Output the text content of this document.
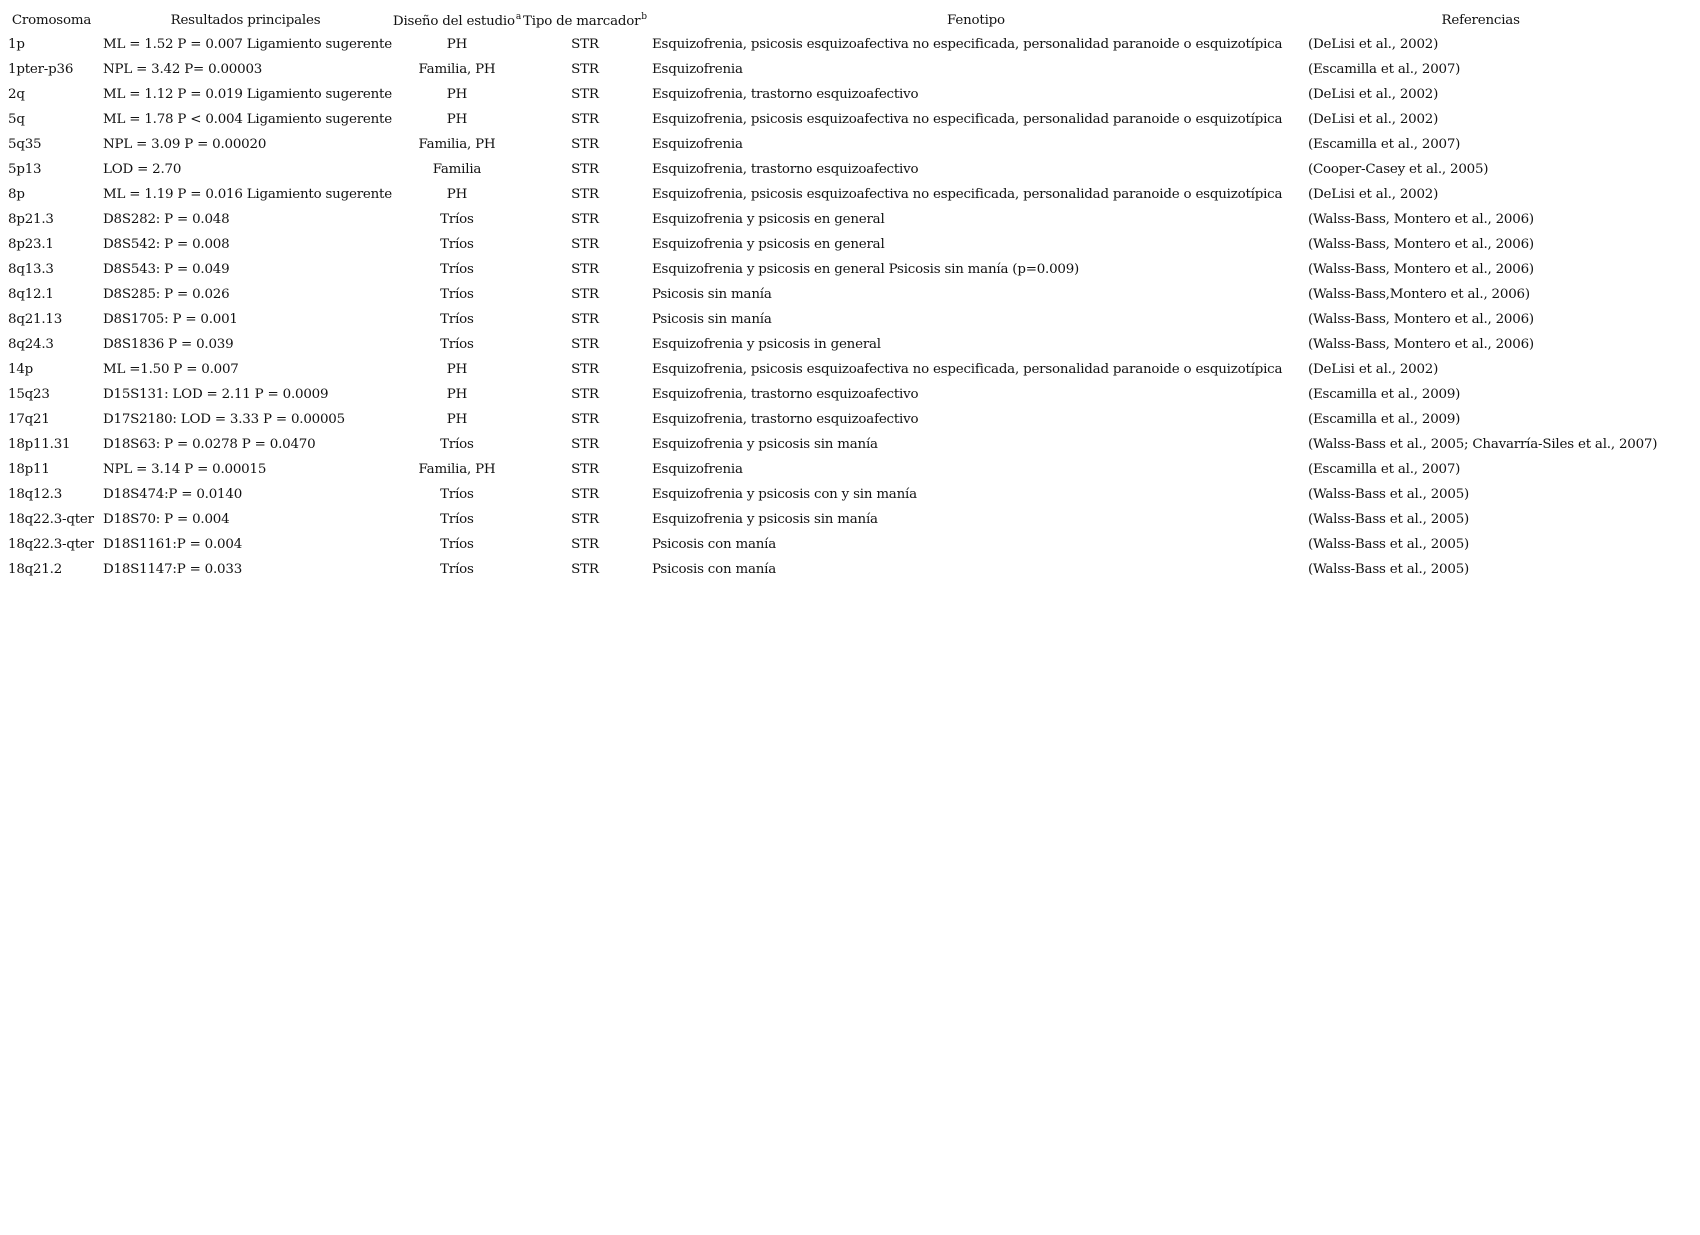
Cromosoma	Resultados principales	Diseño del estudio$^a$	Tipo de marcador$^b$	Fenotipo	Referencias
1p	ML = 1.52 P = 0.007 Ligamiento sugerente	PH	STR	Esquizofrenia, psicosis esquizoafectiva no especificada, personalidad paranoide o esquizotípica	(DeLisi et al., 2002)
1pter-p36	NPL = 3.42 P= 0.00003	Familia, PH	STR	Esquizofrenia	(Escamilla et al., 2007)
2q	ML = 1.12 P = 0.019 Ligamiento sugerente	PH	STR	Esquizofrenia, trastorno esquizoafectivo	(DeLisi et al., 2002)
5q	ML = 1.78 P < 0.004 Ligamiento sugerente	PH	STR	Esquizofrenia, psicosis esquizoafectiva no especificada, personalidad paranoide o esquizotípica	(DeLisi et al., 2002)
5q35	NPL = 3.09 P = 0.00020	Familia, PH	STR	Esquizofrenia	(Escamilla et al., 2007)
5p13	LOD = 2.70	Familia	STR	Esquizofrenia, trastorno esquizoafectivo	(Cooper-Casey et al., 2005)
8p	ML = 1.19 P = 0.016 Ligamiento sugerente	PH	STR	Esquizofrenia, psicosis esquizoafectiva no especificada, personalidad paranoide o esquizotípica	(DeLisi et al., 2002)
8p21.3	D8S282: P = 0.048	Tríos	STR	Esquizofrenia y psicosis en general	(Walss-Bass, Montero et al., 2006)
8p23.1	D8S542: P = 0.008	Tríos	STR	Esquizofrenia y psicosis en general	(Walss-Bass, Montero et al., 2006)
8q13.3	D8S543: P = 0.049	Tríos	STR	Esquizofrenia y psicosis en general Psicosis sin manía (p=0.009)	(Walss-Bass, Montero et al., 2006)
8q12.1	D8S285: P = 0.026	Tríos	STR	Psicosis sin manía	(Walss-Bass,Montero et al., 2006)
8q21.13	D8S1705: P = 0.001	Tríos	STR	Psicosis sin manía	(Walss-Bass, Montero et al., 2006)
8q24.3	D8S1836 P = 0.039	Tríos	STR	Esquizofrenia y psicosis in general	(Walss-Bass, Montero et al., 2006)
14p	ML =1.50 P = 0.007	PH	STR	Esquizofrenia, psicosis esquizoafectiva no especificada, personalidad paranoide o esquizotípica	(DeLisi et al., 2002)
15q23	D15S131: LOD = 2.11 P = 0.0009	PH	STR	Esquizofrenia, trastorno esquizoafectivo	(Escamilla et al., 2009)
17q21	D17S2180: LOD = 3.33 P = 0.00005	PH	STR	Esquizofrenia, trastorno esquizoafectivo	(Escamilla et al., 2009)
18p11.31	D18S63: P = 0.0278 P = 0.0470	Tríos	STR	Esquizofrenia y psicosis sin manía	(Walss-Bass et al., 2005; Chavarría-Siles et al., 2007)
18p11	NPL = 3.14 P = 0.00015	Familia, PH	STR	Esquizofrenia	(Escamilla et al., 2007)
18q12.3	D18S474:P = 0.0140	Tríos	STR	Esquizofrenia y psicosis con y sin manía	(Walss-Bass et al., 2005)
18q22.3-qter	D18S70: P = 0.004	Tríos	STR	Esquizofrenia y psicosis sin manía	(Walss-Bass et al., 2005)
18q22.3-qter	D18S1161:P = 0.004	Tríos	STR	Psicosis con manía	(Walss-Bass et al., 2005)
18q21.2	D18S1147:P = 0.033	Tríos	STR	Psicosis con manía	(Walss-Bass et al., 2005)
